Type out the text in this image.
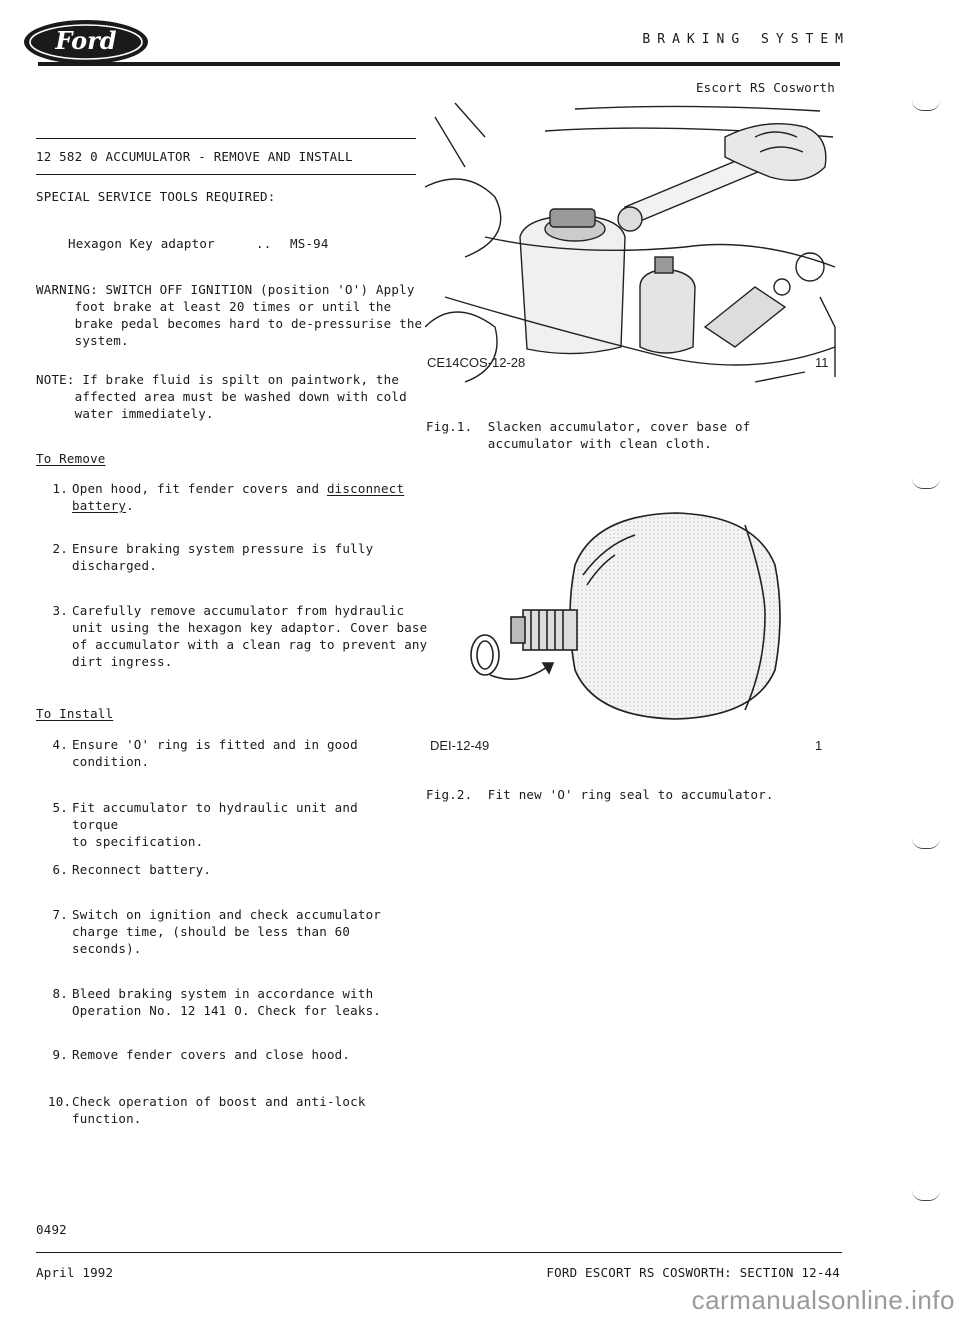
Ford	BRAKING SYSTEM
Escort RS Cosworth
12 582 0 ACCUMULATOR - REMOVE AND INSTALL
SPECIAL SERVICE TOOLS REQUIRED:
Hexagon Key adaptor	.. MS-94
WARNING: SWITCH OFF IGNITION (position 'O') Apply
foot brake at least 20 times or until the
brake pedal becomes hard to de-pressurise the
system.
NOTE: If brake fluid is spilt on paintwork, the
affected area must be washed down with cold
water immediately.
To Remove
1. Open hood, fit fender covers and disconnect
battery.
2. Ensure braking system pressure is fully
discharged.
3. Carefully remove accumulator from hydraulic
unit using the hexagon key adaptor. Cover base
of accumulator with a clean rag to prevent any
dirt ingress.
To Install
4. Ensure 'O' ring is fitted and in good
condition.
5. Fit accumulator to hydraulic unit and torque
to specification.
6. Reconnect battery.
7. Switch on ignition and check accumulator
charge time, (should be less than 60
seconds).
8. Bleed braking system in accordance with
Operation No. 12 141 O. Check for leaks.
9. Remove fender covers and close hood.
10. Check operation of boost and anti-lock
function.
CE14COS-12-28	11
Fig.1.  Slacken accumulator, cover base of
accumulator with clean cloth.
DEI-12-49	1
Fig.2.  Fit new 'O' ring seal to accumulator.
0492
April 1992	FORD ESCORT RS COSWORTH: SECTION 12-44
carmanualsonline.info
